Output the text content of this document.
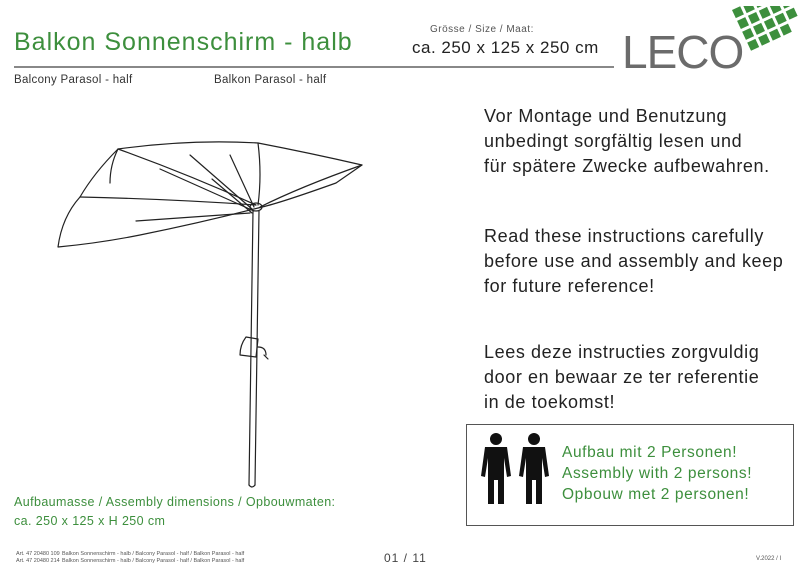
Balkon Sonnenschirm - halb	Grösse / Size / Maat:
ca. 250 x 125 x 250 cm
Balcony Parasol - half	Balkon Parasol - half
LECO
Vor Montage und Benutzung
unbedingt sorgfältig lesen und
für spätere Zwecke aufbewahren.
Read these instructions carefully
before use and assembly and keep
for future reference!
Lees deze instructies zorgvuldig
door en bewaar ze ter referentie
in de toekomst!
Aufbau mit 2 Personen!
Assembly with 2 persons!
Opbouw met 2 personen!
Aufbaumasse / Assembly dimensions / Opbouwmaten:
ca. 250 x 125 x H 250 cm
Art. 47 20480 109
Art. 47 20480 214
Balkon Sonnenschirm - halb / Balcony Parasol - half / Balkon Parasol - half
Balkon Sonnenschirm - halb / Balcony Parasol - half / Balkon Parasol - half	01 / 11	V.2022 / I
